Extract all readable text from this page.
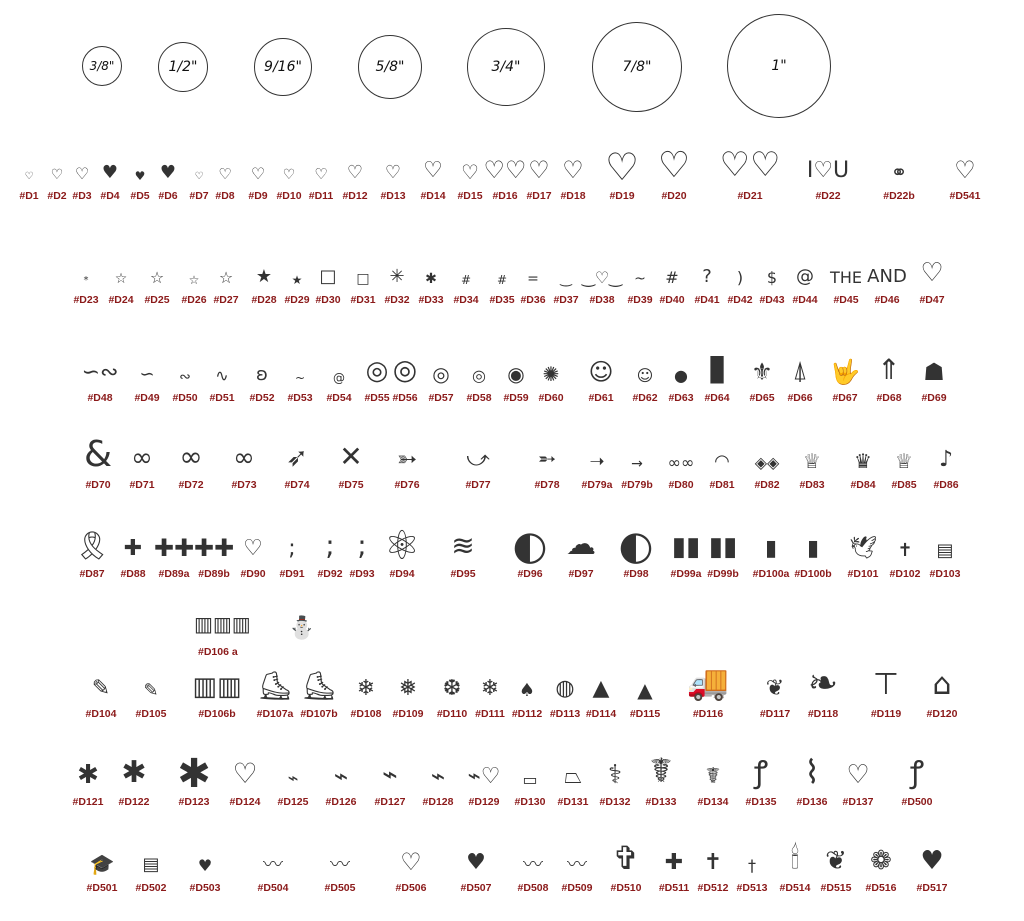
3/8"	1/2"	9/16"	5/8"	3/4"	7/8"	1"
♡
#D1
♡
#D2
♡
#D3
♥
#D4
♥
#D5
♥
#D6
♡
#D7
♡
#D8
♡
#D9
♡
#D10
♡
#D11
♡
#D12
♡
#D13
♡
#D14
♡
#D15
♡♡
#D16
♡
#D17
♡
#D18
♡
#D19
♡
#D20
♡♡
#D21
I♡U
#D22
⚭
#D22b
♡
#D541
*
#D23
☆
#D24
☆
#D25
☆
#D26
☆
#D27
★
#D28
★
#D29
□
#D30
□
#D31
✳
#D32
✱
#D33
#
#D34
#
#D35
=
#D36
‿
#D37
‿♡‿
#D38
~
#D39
#
#D40
?
#D41
)
#D42
$
#D43
@
#D44
THE
#D45
AND
#D46
♡
#D47
∽∾
#D48
∽
#D49
∾
#D50
∿
#D51
ʚ
#D52
~
#D53
@
#D54
◎
#D55
◎
#D56
◎
#D57
◎
#D58
◉
#D59
✺
#D60
☺
#D61
☺
#D62
●
#D63
▮
#D64
⚜
#D65
⍋
#D66
🤟
#D67
⇑
#D68
☗
#D69
&
#D70
∞
#D71
∞
#D72
∞
#D73
➶
#D74
✕
#D75
➳
#D76
⤻
#D77
➵
#D78
➝
#D79a
→
#D79b
∞∞
#D80
◠
#D81
◈◈
#D82
♕
#D83
♛
#D84
♕
#D85
♪
#D86
🎗
#D87
✚
#D88
✚✚
#D89a
✚✚
#D89b
♡
#D90
;
#D91
;
#D92
;
#D93
⚛
#D94
≋
#D95
◐
#D96
☁
#D97
◐
#D98
▮▮
#D99a
▮▮
#D99b
▮
#D100a
▮
#D100b
🕊
#D101
✝
#D102
▤
#D103
✎
#D104
✎
#D105
▥▥
#D106b
⛸
#D107a
⛸
#D107b
❄
#D108
❅
#D109
❆
#D110
❄
#D111
♠
#D112
◍
#D113
▲
#D114
▲
#D115
🚚
#D116
❦
#D117
❧
#D118
⊤
#D119
⌂
#D120
✱
#D121
✱
#D122
✱
#D123
♡
#D124
⌁
#D125
⌁
#D126
⌁
#D127
⌁
#D128
⌁♡
#D129
▭
#D130
⏢
#D131
⚕
#D132
☤
#D133
☤
#D134
ꝭ
#D135
⌇
#D136
♡
#D137
ꝭ
#D500
🎓
#D501
▤
#D502
♥
#D503
〰
#D504
〰
#D505
♡
#D506
♥
#D507
〰
#D508
〰
#D509
✞
#D510
✚
#D511
✝
#D512
†
#D513
🕯
#D514
❦
#D515
❁
#D516
♥
#D517
▥▥▥
#D106 a
⛄
